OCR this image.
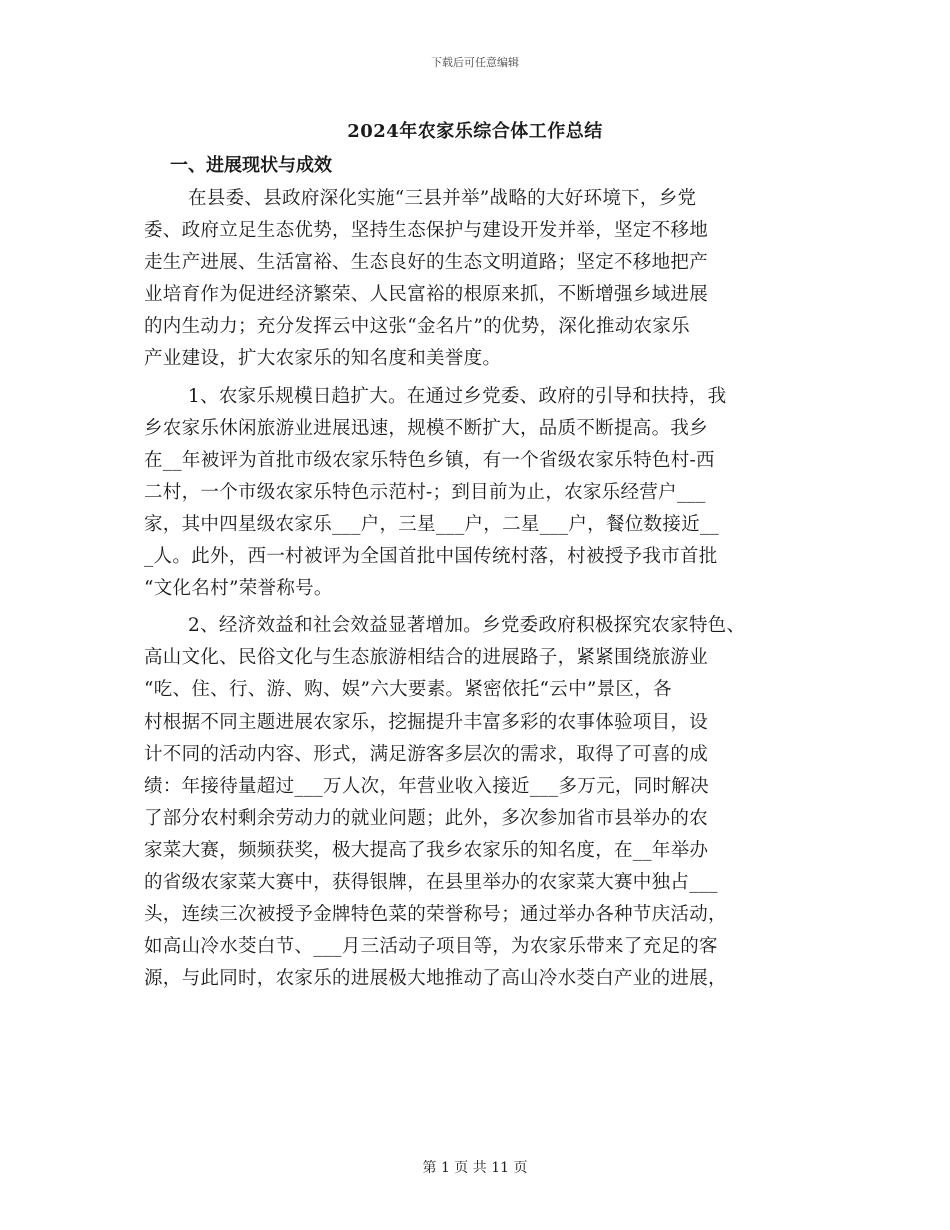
下载后可任意编辑
2024年农家乐综合体工作总结
一、进展现状与成效
在县委、县政府深化实施“三县并举”战略的大好环境下，乡党
委、政府立足生态优势，坚持生态保护与建设开发并举，坚定不移地
走生产进展、生活富裕、生态良好的生态文明道路；坚定不移地把产
业培育作为促进经济繁荣、人民富裕的根原来抓，不断增强乡域进展
的内生动力；充分发挥云中这张“金名片”的优势，深化推动农家乐
产业建设，扩大农家乐的知名度和美誉度。
1、农家乐规模日趋扩大。在通过乡党委、政府的引导和扶持，我
乡农家乐休闲旅游业进展迅速，规模不断扩大，品质不断提高。我乡
在__年被评为首批市级农家乐特色乡镇，有一个省级农家乐特色村-西
二村，一个市级农家乐特色示范村-；到目前为止，农家乐经营户___
家，其中四星级农家乐___户，三星___户，二星___户，餐位数接近__
_人。此外，西一村被评为全国首批中国传统村落，村被授予我市首批
“文化名村”荣誉称号。
2、经济效益和社会效益显著增加。乡党委政府积极探究农家特色、
高山文化、民俗文化与生态旅游相结合的进展路子，紧紧围绕旅游业
“吃、住、行、游、购、娱”六大要素。紧密依托“云中”景区，各
村根据不同主题进展农家乐，挖掘提升丰富多彩的农事体验项目，设
计不同的活动内容、形式，满足游客多层次的需求，取得了可喜的成
绩：年接待量超过___万人次，年营业收入接近___多万元，同时解决
了部分农村剩余劳动力的就业问题；此外，多次参加省市县举办的农
家菜大赛，频频获奖，极大提高了我乡农家乐的知名度，在__年举办
的省级农家菜大赛中，获得银牌，在县里举办的农家菜大赛中独占___
头，连续三次被授予金牌特色菜的荣誉称号；通过举办各种节庆活动，
如高山冷水茭白节、___月三活动子项目等，为农家乐带来了充足的客
源，与此同时，农家乐的进展极大地推动了高山冷水茭白产业的进展，
第 1 页 共 11 页
